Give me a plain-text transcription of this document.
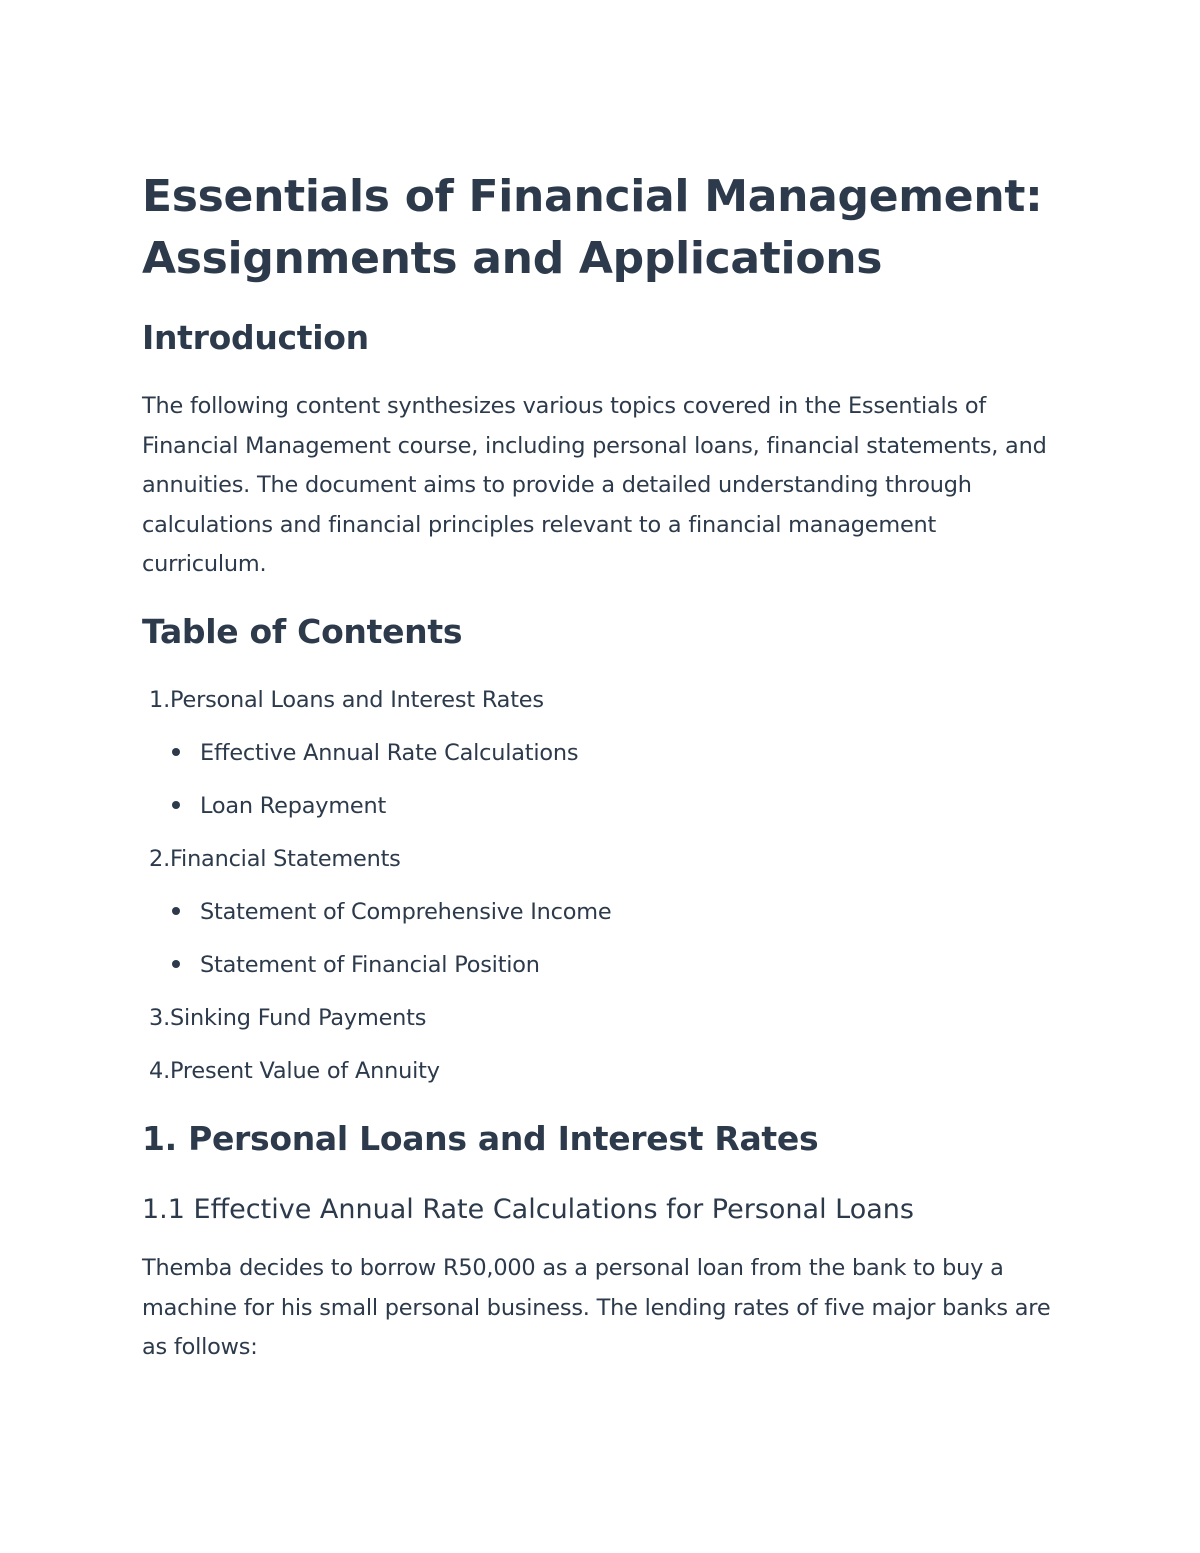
Essentials of Financial Management: Assignments and Applications
Introduction

The following content synthesizes various topics covered in the Essentials of Financial Management course, including personal loans, financial statements, and annuities. The document aims to provide a detailed understanding through calculations and financial principles relevant to a financial management curriculum.

Table of Contents
1.Personal Loans and Interest Rates
Effective Annual Rate Calculations
Loan Repayment
2.Financial Statements
Statement of Comprehensive Income
Statement of Financial Position
3.Sinking Fund Payments
4.Present Value of Annuity
1. Personal Loans and Interest Rates
1.1 Effective Annual Rate Calculations for Personal Loans

Themba decides to borrow R50,000 as a personal loan from the bank to buy a machine for his small personal business. The lending rates of five major banks are as follows:
